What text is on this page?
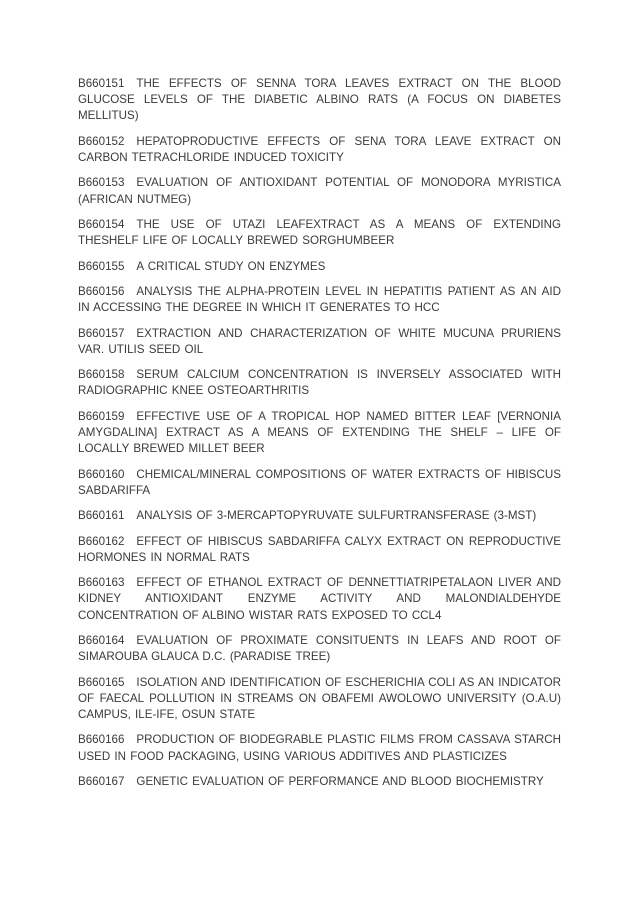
B660151 THE EFFECTS OF SENNA TORA LEAVES EXTRACT ON THE BLOOD GLUCOSE LEVELS OF THE DIABETIC ALBINO RATS (A FOCUS ON DIABETES MELLITUS)

B660152 HEPATOPRODUCTIVE EFFECTS OF SENA TORA LEAVE EXTRACT ON CARBON TETRACHLORIDE INDUCED TOXICITY

B660153 EVALUATION OF ANTIOXIDANT POTENTIAL OF MONODORA MYRISTICA (AFRICAN NUTMEG)

B660154 THE USE OF UTAZI LEAFEXTRACT AS A MEANS OF EXTENDING THESHELF LIFE OF LOCALLY BREWED SORGHUMBEER

B660155 A CRITICAL STUDY ON ENZYMES

B660156 ANALYSIS THE ALPHA-PROTEIN LEVEL IN HEPATITIS PATIENT AS AN AID IN ACCESSING THE DEGREE IN WHICH IT GENERATES TO HCC

B660157 EXTRACTION AND CHARACTERIZATION OF WHITE MUCUNA PRURIENS VAR. UTILIS SEED OIL

B660158 SERUM CALCIUM CONCENTRATION IS INVERSELY ASSOCIATED WITH RADIOGRAPHIC KNEE OSTEOARTHRITIS

B660159 EFFECTIVE USE OF A TROPICAL HOP NAMED BITTER LEAF [VERNONIA AMYGDALINA] EXTRACT AS A MEANS OF EXTENDING THE SHELF – LIFE OF LOCALLY BREWED MILLET BEER

B660160 CHEMICAL/MINERAL COMPOSITIONS OF WATER EXTRACTS OF HIBISCUS SABDARIFFA

B660161 ANALYSIS OF 3-MERCAPTOPYRUVATE SULFURTRANSFERASE (3-MST)

B660162 EFFECT OF HIBISCUS SABDARIFFA CALYX EXTRACT ON REPRODUCTIVE HORMONES IN NORMAL RATS

B660163 EFFECT OF ETHANOL EXTRACT OF DENNETTIATRIPETALAON LIVER AND KIDNEY ANTIOXIDANT ENZYME ACTIVITY AND MALONDIALDEHYDE CONCENTRATION OF ALBINO WISTAR RATS EXPOSED TO CCL4

B660164 EVALUATION OF PROXIMATE CONSITUENTS IN LEAFS AND ROOT OF SIMAROUBA GLAUCA D.C. (PARADISE TREE)

B660165 ISOLATION AND IDENTIFICATION OF ESCHERICHIA COLI AS AN INDICATOR OF FAECAL POLLUTION IN STREAMS ON OBAFEMI AWOLOWO UNIVERSITY (O.A.U) CAMPUS, ILE-IFE, OSUN STATE

B660166 PRODUCTION OF BIODEGRABLE PLASTIC FILMS FROM CASSAVA STARCH USED IN FOOD PACKAGING, USING VARIOUS ADDITIVES AND PLASTICIZES

B660167 GENETIC EVALUATION OF PERFORMANCE AND BLOOD BIOCHEMISTRY
